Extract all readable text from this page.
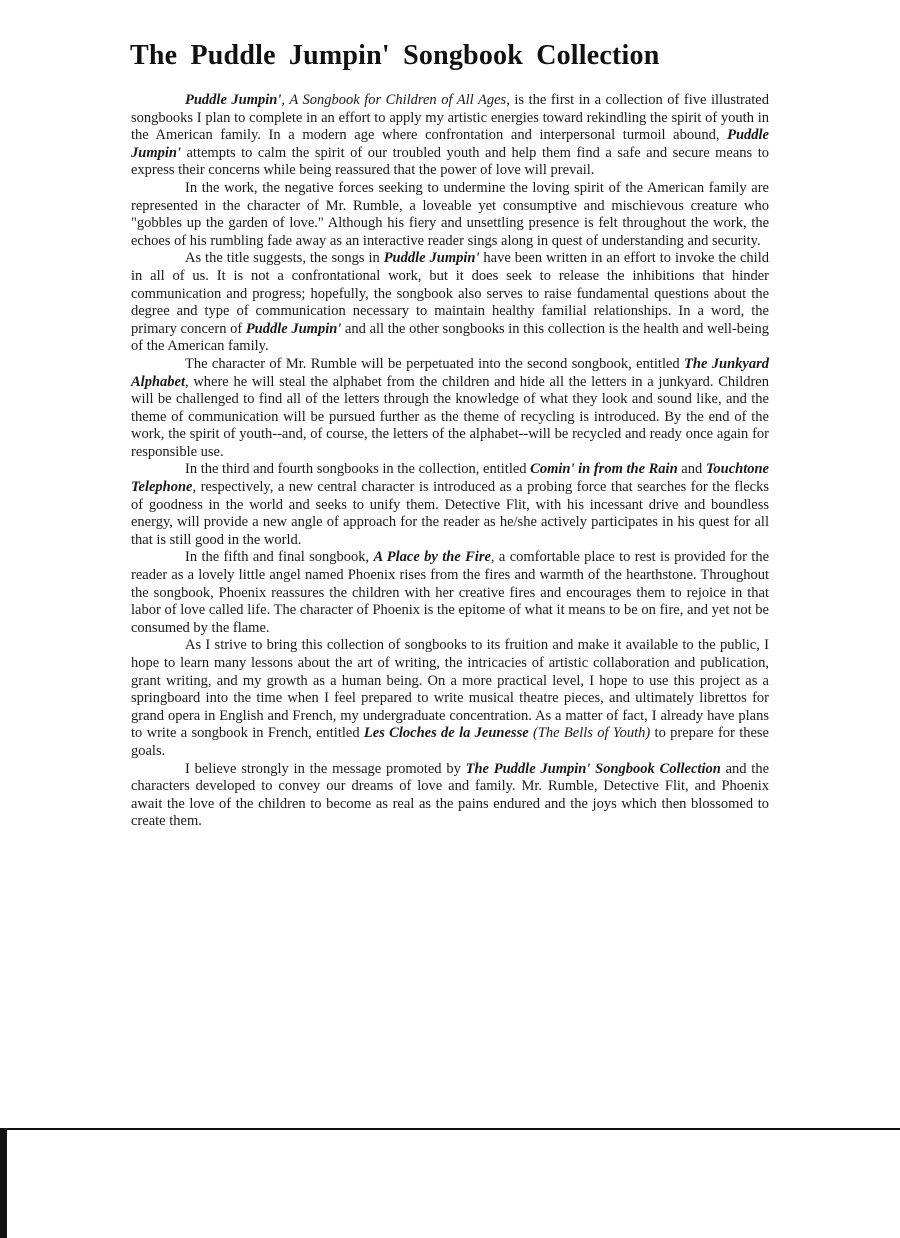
The Puddle Jumpin' Songbook Collection

Puddle Jumpin', A Songbook for Children of All Ages, is the first in a collection of five illustrated songbooks I plan to complete in an effort to apply my artistic energies toward rekindling the spirit of youth in the American family. In a modern age where confrontation and interpersonal turmoil abound, Puddle Jumpin' attempts to calm the spirit of our troubled youth and help them find a safe and secure means to express their concerns while being reassured that the power of love will prevail.

In the work, the negative forces seeking to undermine the loving spirit of the American family are represented in the character of Mr. Rumble, a loveable yet consumptive and mischievous creature who "gobbles up the garden of love." Although his fiery and unsettling presence is felt throughout the work, the echoes of his rumbling fade away as an interactive reader sings along in quest of understanding and security.

As the title suggests, the songs in Puddle Jumpin' have been written in an effort to invoke the child in all of us. It is not a confrontational work, but it does seek to release the inhibitions that hinder communication and progress; hopefully, the songbook also serves to raise fundamental questions about the degree and type of communication necessary to maintain healthy familial relationships. In a word, the primary concern of Puddle Jumpin' and all the other songbooks in this collection is the health and well-being of the American family.

The character of Mr. Rumble will be perpetuated into the second songbook, entitled The Junkyard Alphabet, where he will steal the alphabet from the children and hide all the letters in a junkyard. Children will be challenged to find all of the letters through the knowledge of what they look and sound like, and the theme of communication will be pursued further as the theme of recycling is introduced. By the end of the work, the spirit of youth--and, of course, the letters of the alphabet--will be recycled and ready once again for responsible use.

In the third and fourth songbooks in the collection, entitled Comin' in from the Rain and Touchtone Telephone, respectively, a new central character is introduced as a probing force that searches for the flecks of goodness in the world and seeks to unify them. Detective Flit, with his incessant drive and boundless energy, will provide a new angle of approach for the reader as he/she actively participates in his quest for all that is still good in the world.

In the fifth and final songbook, A Place by the Fire, a comfortable place to rest is provided for the reader as a lovely little angel named Phoenix rises from the fires and warmth of the hearthstone. Throughout the songbook, Phoenix reassures the children with her creative fires and encourages them to rejoice in that labor of love called life. The character of Phoenix is the epitome of what it means to be on fire, and yet not be consumed by the flame.

As I strive to bring this collection of songbooks to its fruition and make it available to the public, I hope to learn many lessons about the art of writing, the intricacies of artistic collaboration and publication, grant writing, and my growth as a human being. On a more practical level, I hope to use this project as a springboard into the time when I feel prepared to write musical theatre pieces, and ultimately librettos for grand opera in English and French, my undergraduate concentration. As a matter of fact, I already have plans to write a songbook in French, entitled Les Cloches de la Jeunesse (The Bells of Youth) to prepare for these goals.

I believe strongly in the message promoted by The Puddle Jumpin' Songbook Collection and the characters developed to convey our dreams of love and family. Mr. Rumble, Detective Flit, and Phoenix await the love of the children to become as real as the pains endured and the joys which then blossomed to create them.
